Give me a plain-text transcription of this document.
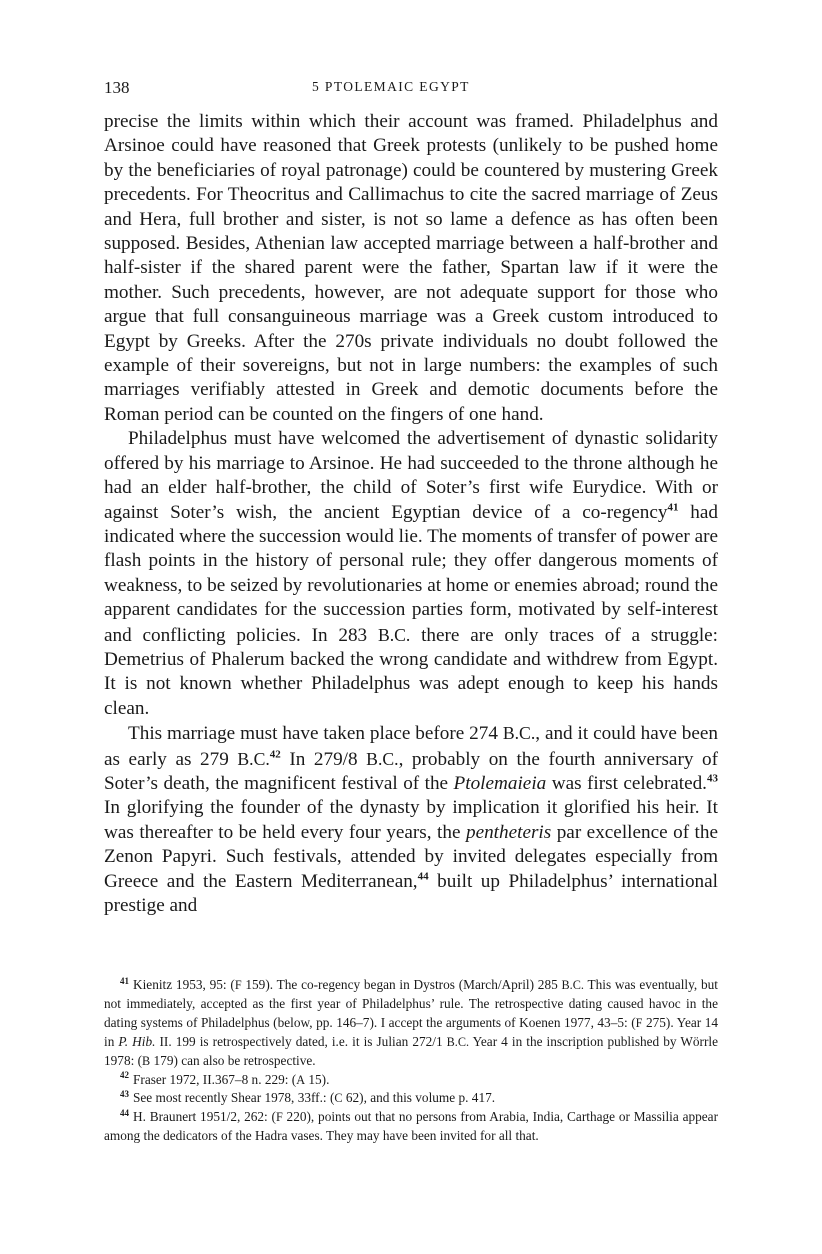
138	5 PTOLEMAIC EGYPT

precise the limits within which their account was framed. Philadelphus and Arsinoe could have reasoned that Greek protests (unlikely to be pushed home by the beneficiaries of royal patronage) could be countered by mustering Greek precedents. For Theocritus and Callimachus to cite the sacred marriage of Zeus and Hera, full brother and sister, is not so lame a defence as has often been supposed. Besides, Athenian law accepted marriage between a half-brother and half-sister if the shared parent were the father, Spartan law if it were the mother. Such precedents, however, are not adequate support for those who argue that full consanguineous marriage was a Greek custom introduced to Egypt by Greeks. After the 270s private individuals no doubt followed the example of their sovereigns, but not in large numbers: the examples of such marriages verifiably attested in Greek and demotic documents before the Roman period can be counted on the fingers of one hand.

Philadelphus must have welcomed the advertisement of dynastic solidarity offered by his marriage to Arsinoe. He had succeeded to the throne although he had an elder half-brother, the child of Soter’s first wife Eurydice. With or against Soter’s wish, the ancient Egyptian device of a co-regency$^{41}$ had indicated where the succession would lie. The moments of transfer of power are flash points in the history of personal rule; they offer dangerous moments of weakness, to be seized by revolutionaries at home or enemies abroad; round the apparent candidates for the succession parties form, motivated by self-interest and conflicting policies. In 283 B.C. there are only traces of a struggle: Demetrius of Phalerum backed the wrong candidate and withdrew from Egypt. It is not known whether Philadelphus was adept enough to keep his hands clean.

This marriage must have taken place before 274 B.C., and it could have been as early as 279 B.C.$^{42}$ In 279/8 B.C., probably on the fourth anniversary of Soter’s death, the magnificent festival of the Ptolemaieia was first celebrated.$^{43}$ In glorifying the founder of the dynasty by implication it glorified his heir. It was thereafter to be held every four years, the pentheteris par excellence of the Zenon Papyri. Such festivals, attended by invited delegates especially from Greece and the Eastern Mediterranean,$^{44}$ built up Philadelphus’ international prestige and

$^{41}$ Kienitz 1953, 95: (F 159). The co-regency began in Dystros (March/April) 285 B.C. This was eventually, but not immediately, accepted as the first year of Philadelphus’ rule. The retrospective dating caused havoc in the dating systems of Philadelphus (below, pp. 146–7). I accept the arguments of Koenen 1977, 43–5: (F 275). Year 14 in P. Hib. II. 199 is retrospectively dated, i.e. it is Julian 272/1 B.C. Year 4 in the inscription published by Wörrle 1978: (B 179) can also be retrospective.

$^{42}$ Fraser 1972, II.367–8 n. 229: (A 15).

$^{43}$ See most recently Shear 1978, 33ff.: (C 62), and this volume p. 417.

$^{44}$ H. Braunert 1951/2, 262: (F 220), points out that no persons from Arabia, India, Carthage or Massilia appear among the dedicators of the Hadra vases. They may have been invited for all that.
